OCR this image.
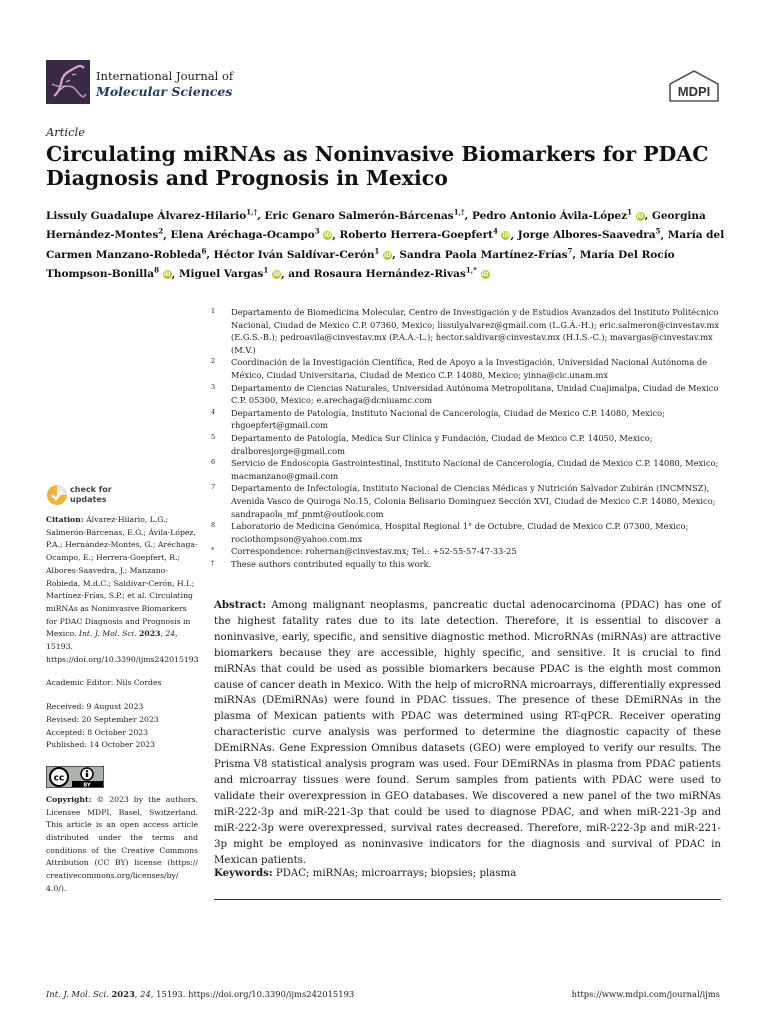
International Journal of
Molecular Sciences	MDPI
Article
Circulating miRNAs as Noninvasive Biomarkers for PDAC Diagnosis and Prognosis in Mexico
Lissuly Guadalupe Álvarez-Hilario$^{1,\dagger}$, Eric Genaro Salmerón-Bárcenas$^{1,\dagger}$, Pedro Antonio Ávila-López$^1$ iD, Georgina Hernández-Montes$^2$, Elena Aréchaga-Ocampo$^3$ iD, Roberto Herrera-Goepfert$^4$ iD, Jorge Albores-Saavedra$^5$, María del Carmen Manzano-Robleda$^6$, Héctor Iván Saldívar-Cerón$^1$ iD, Sandra Paola Martínez-Frías$^7$, María Del Rocío Thompson-Bonilla$^8$ iD, Miguel Vargas$^1$ iD, and Rosaura Hernández-Rivas$^{1,*}$ iD
1	Departamento de Biomedicina Molecular, Centro de Investigación y de Estudios Avanzados del Instituto Politécnico Nacional, Ciudad de Mexico C.P. 07360, Mexico; lissulyalvarez@gmail.com (L.G.Á.-H.); eric.salmeron@cinvestav.mx (E.G.S.-B.); pedroavila@cinvestav.mx (P.A.Á.-L.); hector.saldivar@cinvestav.mx (H.I.S.-C.); mavargas@cinvestav.mx (M.V.)
2	Coordinación de la Investigación Científica, Red de Apoyo a la Investigación, Universidad Nacional Autónoma de México, Ciudad Universitaria, Ciudad de Mexico C.P. 14080, Mexico; yinna@cic.unam.mx
3	Departamento de Ciencias Naturales, Universidad Autónoma Metropolitana, Unidad Cuajimalpa, Ciudad de Mexico C.P. 05300, Mexico; e.arechaga@dcniuamc.com
4	Departamento de Patología, Instituto Nacional de Cancerología, Ciudad de Mexico C.P. 14080, Mexico; rhgoepfert@gmail.com
5	Departamento de Patología, Medica Sur Clínica y Fundación, Ciudad de Mexico C.P. 14050, Mexico; dralboresjorge@gmail.com
6	Servicio de Endoscopia Gastrointestinal, Instituto Nacional de Cancerología, Ciudad de Mexico C.P. 14080, Mexico; macmanzano@gmail.com
7	Departamento de Infectología, Instituto Nacional de Ciencias Médicas y Nutrición Salvador Zubirán (INCMNSZ), Avenida Vasco de Quiroga No.15, Colonia Belisario Dominguez Sección XVI, Ciudad de Mexico C.P. 14080, Mexico; sandrapaola_mf_pnmt@outlook.com
8	Laboratorio de Medicina Genómica, Hospital Regional 1° de Octubre, Ciudad de Mexico C.P. 07300, Mexico; rociothompson@yahoo.com.mx
*	Correspondence: rohernan@cinvestav.mx; Tel.: +52-55-57-47-33-25
†	These authors contributed equally to this work.
check for
updates

Citation: Álvarez-Hilario, L.G.; Salmerón-Bárcenas, E.G.; Ávila-López, P.A.; Hernández-Montes, G.; Aréchaga-Ocampo, E.; Herrera-Goepfert, R.; Albores-Saavedra, J.; Manzano-Robleda, M.d.C.; Saldívar-Cerón, H.I.; Martínez-Frías, S.P.; et al. Circulating miRNAs as Noninvasive Biomarkers for PDAC Diagnosis and Prognosis in Mexico. Int. J. Mol. Sci. 2023, 24, 15193. https://doi.org/10.3390/ijms242015193

Academic Editor: Nils Cordes

Received: 9 August 2023
Revised: 20 September 2023
Accepted: 8 October 2023
Published: 14 October 2023

cc
BY

Copyright: © 2023 by the authors. Licensee MDPI, Basel, Switzerland. This article is an open access article distributed under the terms and conditions of the Creative Commons Attribution (CC BY) license (https:// creativecommons.org/licenses/by/ 4.0/).

Abstract: Among malignant neoplasms, pancreatic ductal adenocarcinoma (PDAC) has one of the highest fatality rates due to its late detection. Therefore, it is essential to discover a noninvasive, early, specific, and sensitive diagnostic method. MicroRNAs (miRNAs) are attractive biomarkers because they are accessible, highly specific, and sensitive. It is crucial to find miRNAs that could be used as possible biomarkers because PDAC is the eighth most common cause of cancer death in Mexico. With the help of microRNA microarrays, differentially expressed miRNAs (DEmiRNAs) were found in PDAC tissues. The presence of these DEmiRNAs in the plasma of Mexican patients with PDAC was determined using RT-qPCR. Receiver operating characteristic curve analysis was performed to determine the diagnostic capacity of these DEmiRNAs. Gene Expression Omnibus datasets (GEO) were employed to verify our results. The Prisma V8 statistical analysis program was used. Four DEmiRNAs in plasma from PDAC patients and microarray tissues were found. Serum samples from patients with PDAC were used to validate their overexpression in GEO databases. We discovered a new panel of the two miRNAs miR-222-3p and miR-221-3p that could be used to diagnose PDAC, and when miR-221-3p and miR-222-3p were overexpressed, survival rates decreased. Therefore, miR-222-3p and miR-221-3p might be employed as noninvasive indicators for the diagnosis and survival of PDAC in Mexican patients.
Keywords: PDAC; miRNAs; microarrays; biopsies; plasma
Int. J. Mol. Sci. 2023, 24, 15193. https://doi.org/10.3390/ijms242015193	https://www.mdpi.com/journal/ijms
